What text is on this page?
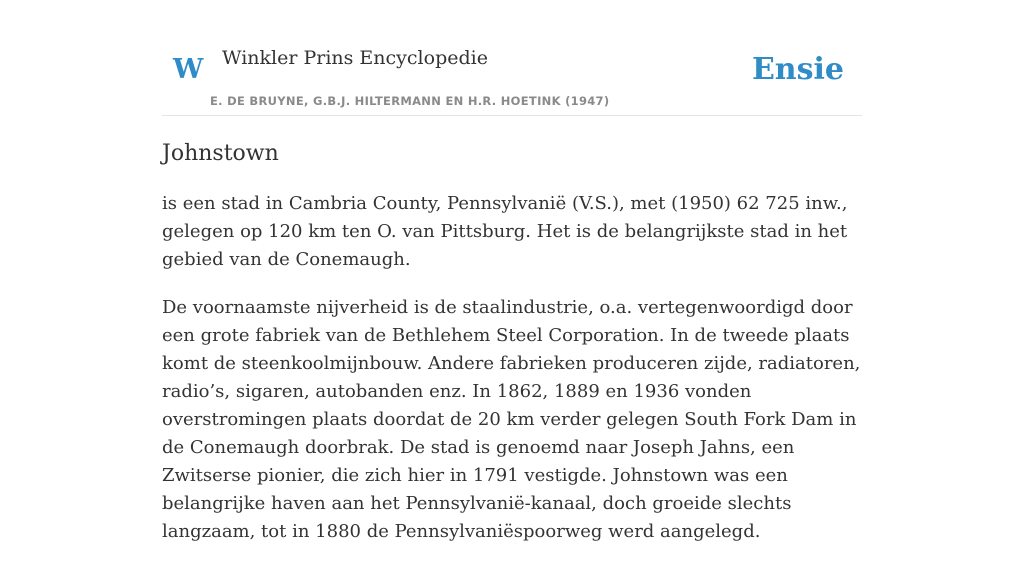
W Winkler Prins Encyclopedie
E. DE BRUYNE, G.B.J. HILTERMANN EN H.R. HOETINK (1947)
Ensie
Johnstown

is een stad in Cambria County, Pennsylvanië (V.S.), met (1950) 62 725 inw., gelegen op 120 km ten O. van Pittsburg. Het is de belangrijkste stad in het gebied van de Conemaugh.

De voornaamste nijverheid is de staalindustrie, o.a. vertegenwoordigd door een grote fabriek van de Bethlehem Steel Corporation. In de tweede plaats komt de steenkoolmijnbouw. Andere fabrieken produceren zijde, radiatoren, radio’s, sigaren, autobanden enz. In 1862, 1889 en 1936 vonden overstromingen plaats doordat de 20 km verder gelegen South Fork Dam in de Conemaugh doorbrak. De stad is genoemd naar Joseph Jahns, een Zwitserse pionier, die zich hier in 1791 vestigde. Johnstown was een belangrijke haven aan het Pennsylvanië-kanaal, doch groeide slechts langzaam, tot in 1880 de Pennsylvaniëspoorweg werd aangelegd.
